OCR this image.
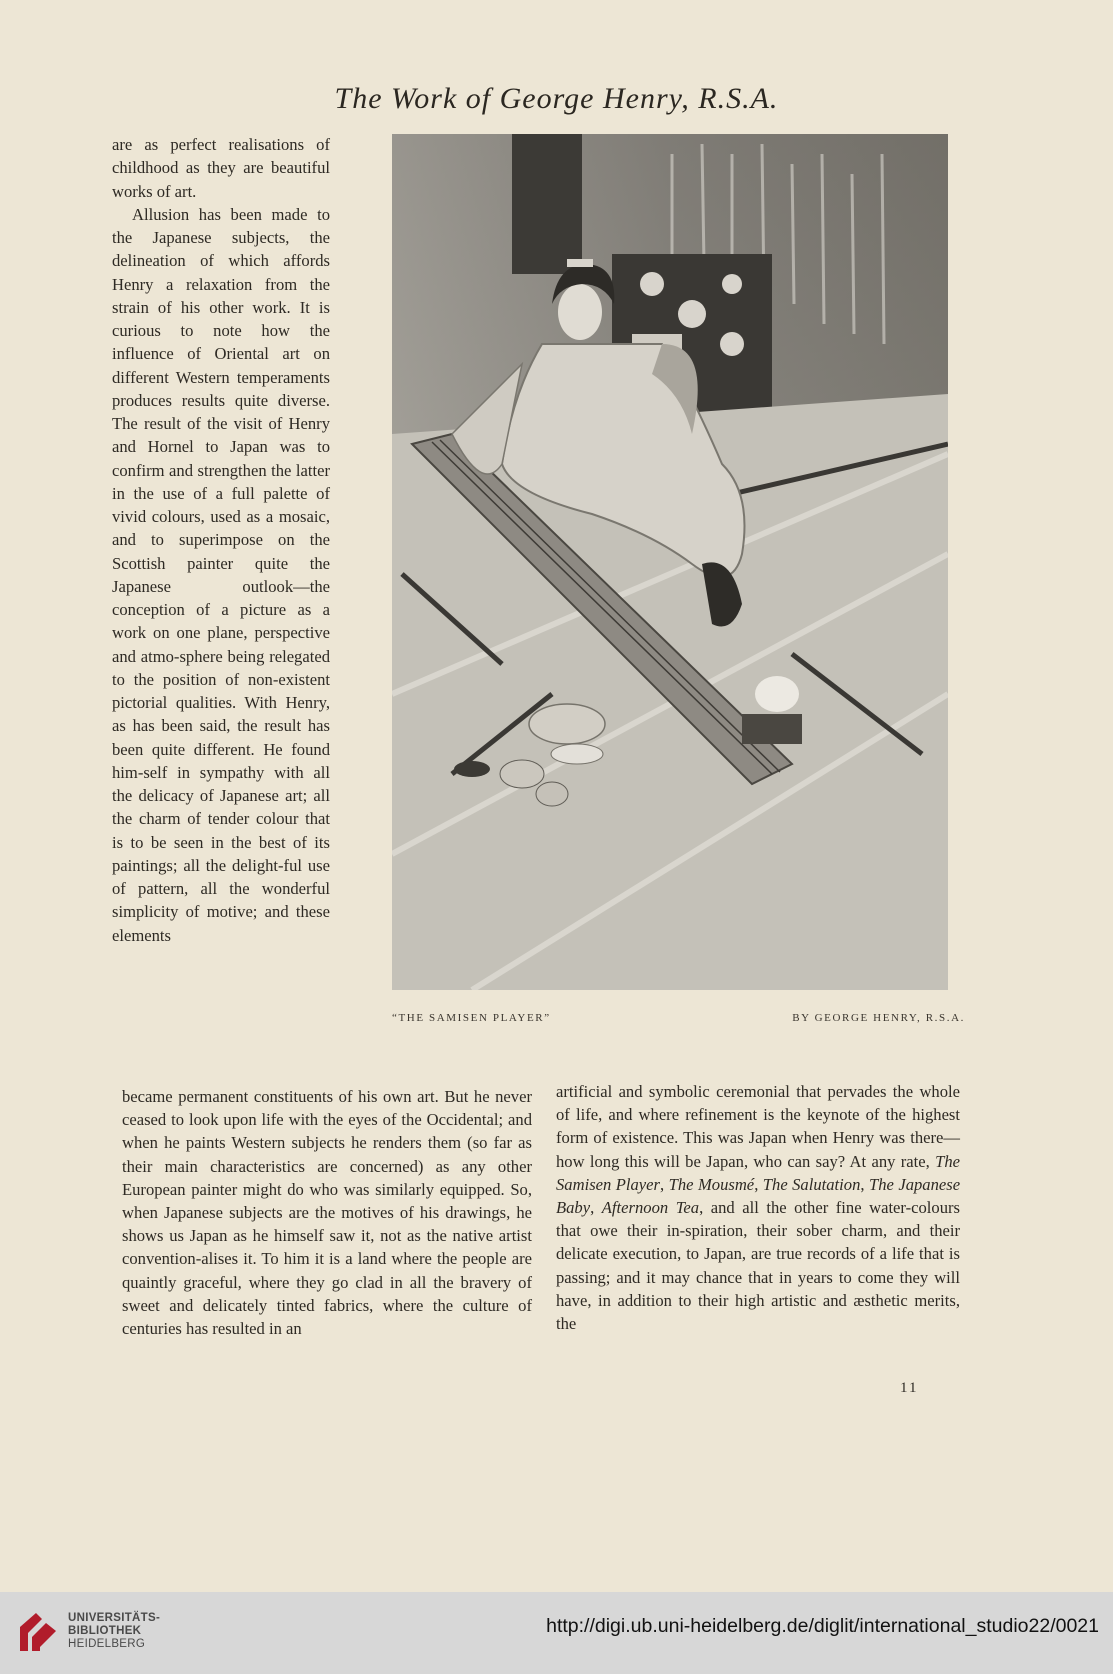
The Work of George Henry, R.S.A.

are as perfect realisations of childhood as they are beautiful works of art.

Allusion has been made to the Japanese subjects, the delineation of which affords Henry a relaxation from the strain of his other work. It is curious to note how the influence of Oriental art on different Western temperaments produces results quite diverse. The result of the visit of Henry and Hornel to Japan was to confirm and strengthen the latter in the use of a full palette of vivid colours, used as a mosaic, and to superimpose on the Scottish painter quite the Japanese outlook—the conception of a picture as a work on one plane, perspective and atmo-sphere being relegated to the position of non-existent pictorial qualities. With Henry, as has been said, the result has been quite different. He found him-self in sympathy with all the delicacy of Japanese art; all the charm of tender colour that is to be seen in the best of its paintings; all the delight-ful use of pattern, all the wonderful simplicity of motive; and these elements

“THE SAMISEN PLAYER”	BY GEORGE HENRY, R.S.A.

became permanent constituents of his own art. But he never ceased to look upon life with the eyes of the Occidental; and when he paints Western subjects he renders them (so far as their main characteristics are concerned) as any other European painter might do who was similarly equipped. So, when Japanese subjects are the motives of his drawings, he shows us Japan as he himself saw it, not as the native artist convention-alises it. To him it is a land where the people are quaintly graceful, where they go clad in all the bravery of sweet and delicately tinted fabrics, where the culture of centuries has resulted in an

artificial and symbolic ceremonial that pervades the whole of life, and where refinement is the keynote of the highest form of existence. This was Japan when Henry was there—how long this will be Japan, who can say? At any rate, The Samisen Player, The Mousmé, The Salutation, The Japanese Baby, Afternoon Tea, and all the other fine water-colours that owe their in-spiration, their sober charm, and their delicate execution, to Japan, are true records of a life that is passing; and it may chance that in years to come they will have, in addition to their high artistic and æsthetic merits, the

11
UNIVERSITÄTS-
BIBLIOTHEK
HEIDELBERG
http://digi.ub.uni-heidelberg.de/diglit/international_studio22/0021
